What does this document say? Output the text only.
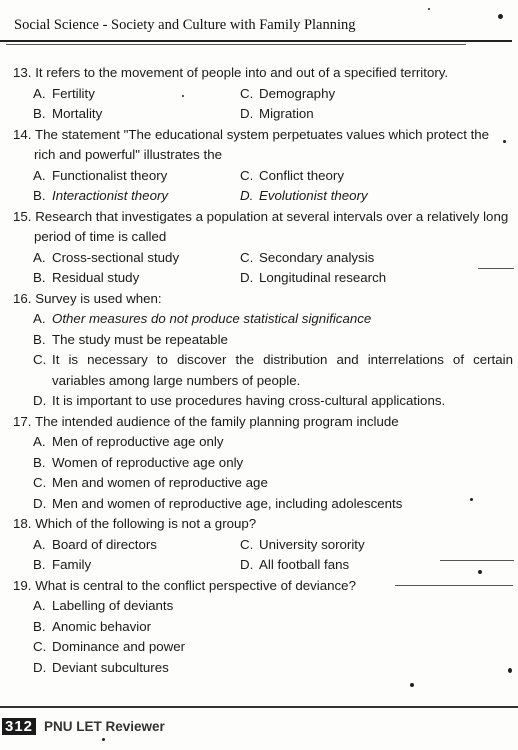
Social Science - Society and Culture with Family Planning
13. It refers to the movement of people into and out of a specified territory.
A. Fertility	C. Demography
B. Mortality	D. Migration
14. The statement "The educational system perpetuates values which protect the rich and powerful" illustrates the
A. Functionalist theory	C. Conflict theory
B. Interactionist theory	D. Evolutionist theory
15. Research that investigates a population at several intervals over a relatively long period of time is called
A. Cross-sectional study	C. Secondary analysis
B. Residual study	D. Longitudinal research
16. Survey is used when:
A. Other measures do not produce statistical significance
B. The study must be repeatable
C. It is necessary to discover the distribution and interrelations of certain variables among large numbers of people.
D. It is important to use procedures having cross-cultural applications.
17. The intended audience of the family planning program include
A. Men of reproductive age only
B. Women of reproductive age only
C. Men and women of reproductive age
D. Men and women of reproductive age, including adolescents
18. Which of the following is not a group?
A. Board of directors	C. University sorority
B. Family	D. All football fans
19. What is central to the conflict perspective of deviance?
A. Labelling of deviants
B. Anomic behavior
C. Dominance and power
D. Deviant subcultures
312 PNU LET Reviewer
